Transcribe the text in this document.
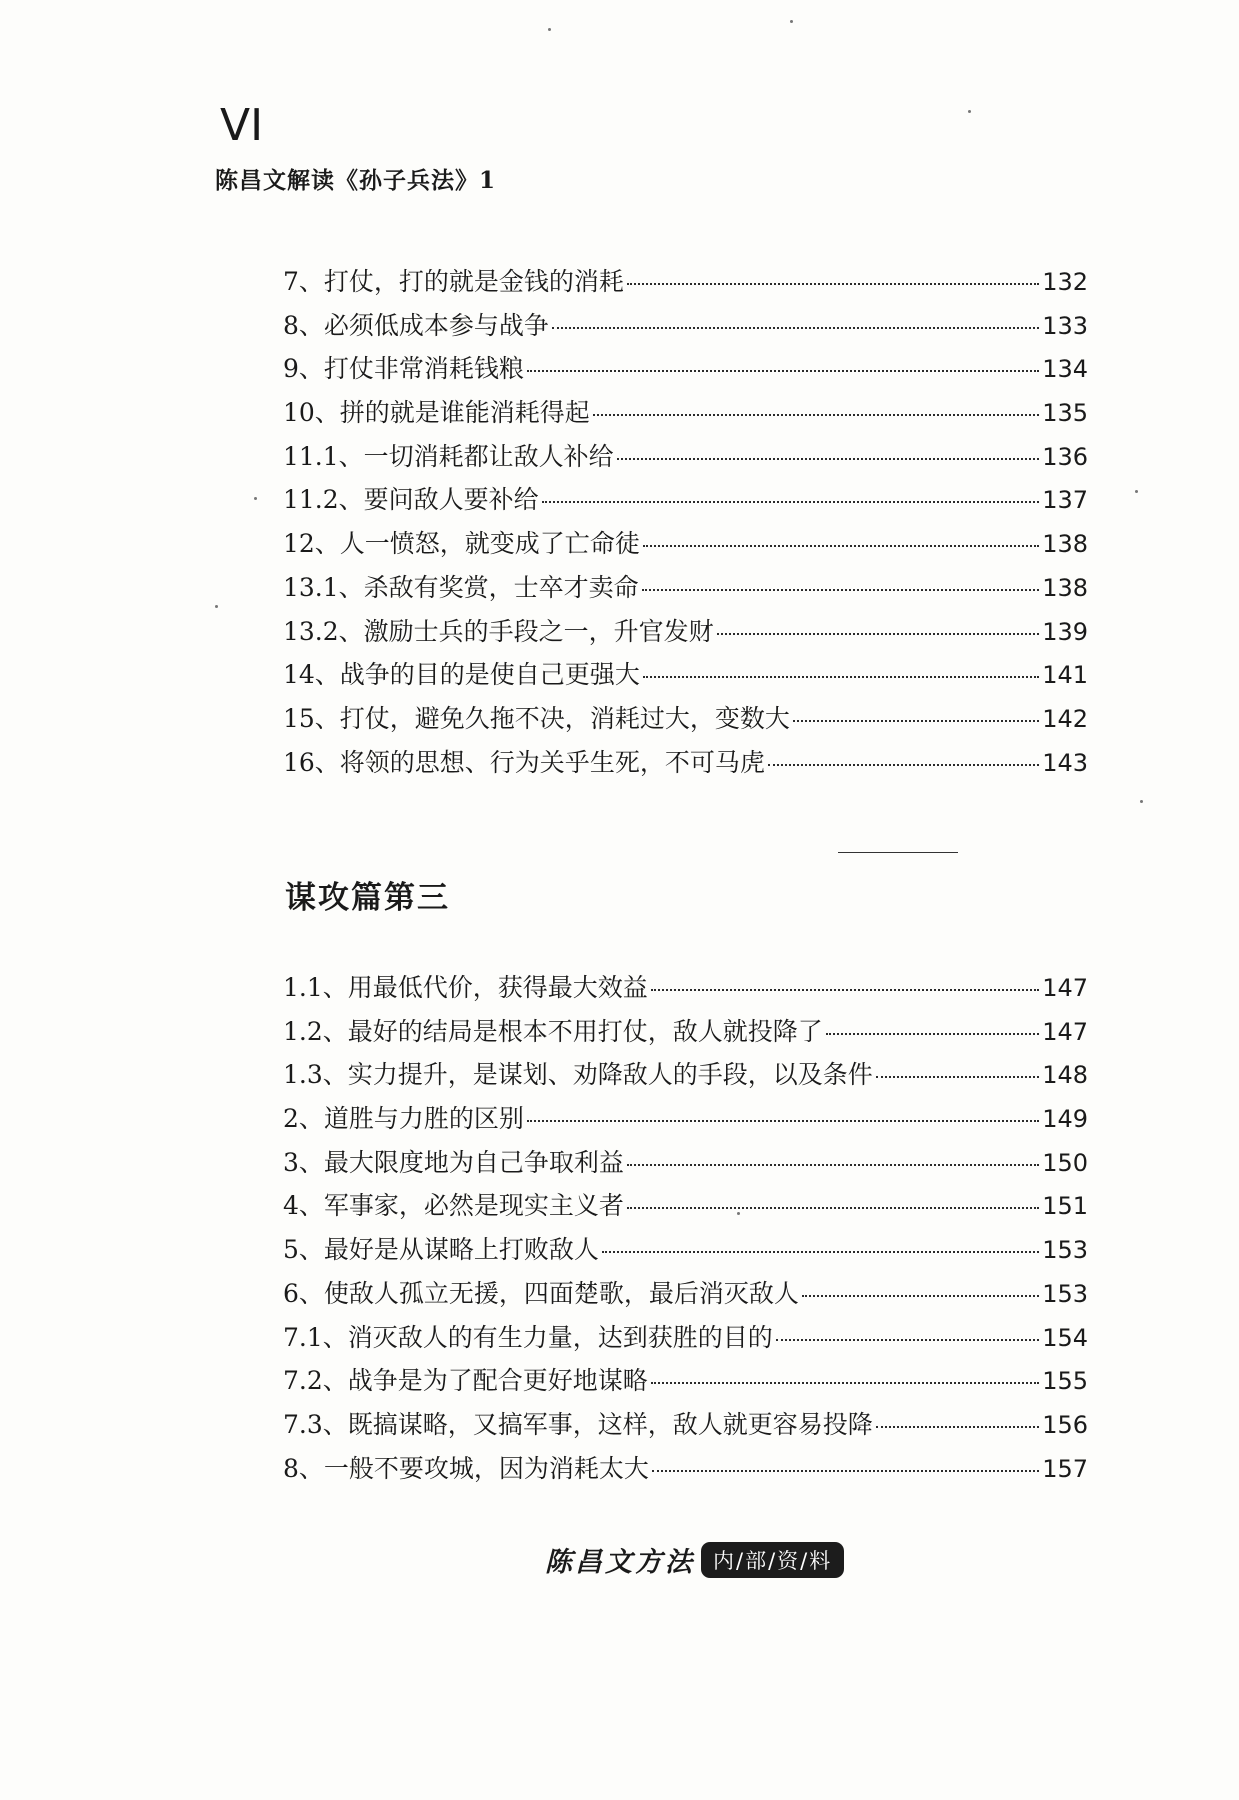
VI
陈昌文解读《孙子兵法》1
7、打仗，打的就是金钱的消耗	132
8、必须低成本参与战争	133
9、打仗非常消耗钱粮	134
10、拼的就是谁能消耗得起	135
11.1、一切消耗都让敌人补给	136
11.2、要问敌人要补给	137
12、人一愤怒，就变成了亡命徒	138
13.1、杀敌有奖赏，士卒才卖命	138
13.2、激励士兵的手段之一，升官发财	139
14、战争的目的是使自己更强大	141
15、打仗，避免久拖不决，消耗过大，变数大	142
16、将领的思想、行为关乎生死，不可马虎	143
谋攻篇第三
1.1、用最低代价，获得最大效益	147
1.2、最好的结局是根本不用打仗，敌人就投降了	147
1.3、实力提升，是谋划、劝降敌人的手段，以及条件	148
2、道胜与力胜的区别	149
3、最大限度地为自己争取利益	150
4、军事家，必然是现实主义者	151
5、最好是从谋略上打败敌人	153
6、使敌人孤立无援，四面楚歌，最后消灭敌人	153
7.1、消灭敌人的有生力量，达到获胜的目的	154
7.2、战争是为了配合更好地谋略	155
7.3、既搞谋略，又搞军事，这样，敌人就更容易投降	156
8、一般不要攻城，因为消耗太大	157
陈昌文方法 内/部/资/料
